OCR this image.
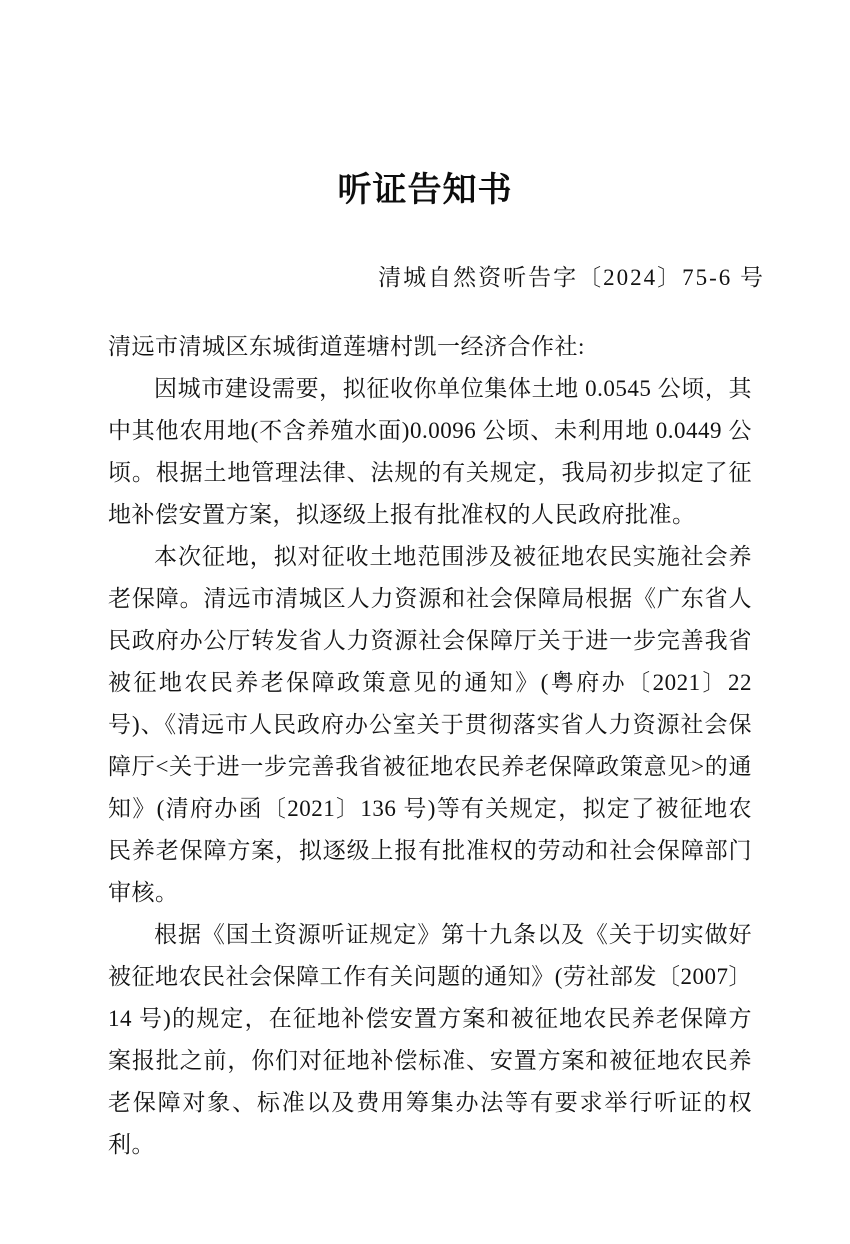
听证告知书
清城自然资听告字〔2024〕75-6 号

清远市清城区东城街道莲塘村凯一经济合作社:

因城市建设需要，拟征收你单位集体土地 0.0545 公顷，其中其他农用地(不含养殖水面)0.0096 公顷、未利用地 0.0449 公顷。根据土地管理法律、法规的有关规定，我局初步拟定了征地补偿安置方案，拟逐级上报有批准权的人民政府批准。

本次征地，拟对征收土地范围涉及被征地农民实施社会养老保障。清远市清城区人力资源和社会保障局根据《广东省人民政府办公厅转发省人力资源社会保障厅关于进一步完善我省被征地农民养老保障政策意见的通知》(粤府办〔2021〕22 号)、《清远市人民政府办公室关于贯彻落实省人力资源社会保障厅<关于进一步完善我省被征地农民养老保障政策意见>的通知》(清府办函〔2021〕136 号)等有关规定，拟定了被征地农民养老保障方案，拟逐级上报有批准权的劳动和社会保障部门审核。

根据《国土资源听证规定》第十九条以及《关于切实做好被征地农民社会保障工作有关问题的通知》(劳社部发〔2007〕14 号)的规定，在征地补偿安置方案和被征地农民养老保障方案报批之前，你们对征地补偿标准、安置方案和被征地农民养老保障对象、标准以及费用筹集办法等有要求举行听证的权利。
